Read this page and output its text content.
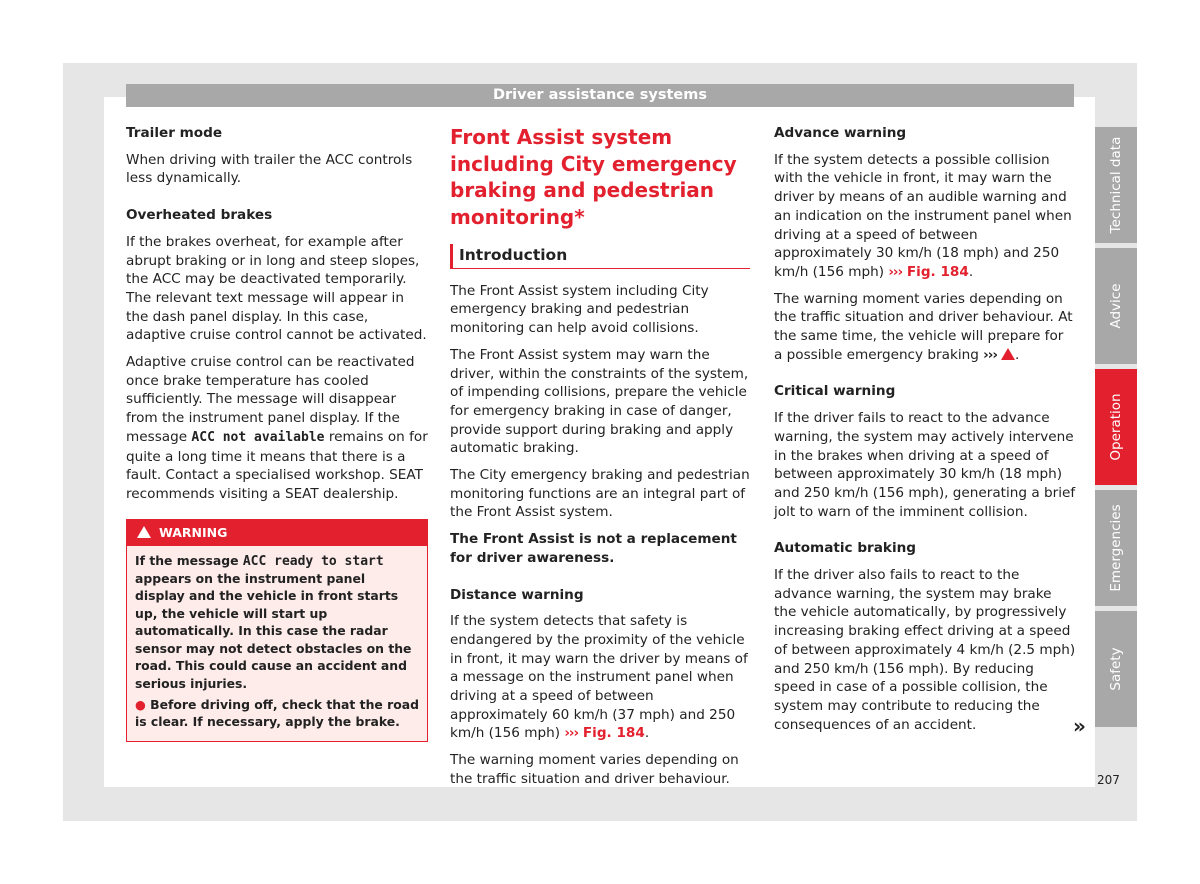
Driver assistance systems
Trailer mode

When driving with trailer the ACC controls less dynamically.

Overheated brakes

If the brakes overheat, for example after abrupt braking or in long and steep slopes, the ACC may be deactivated temporarily. The relevant text message will appear in the dash panel display. In this case, adaptive cruise control cannot be activated.

Adaptive cruise control can be reactivated once brake temperature has cooled sufficiently. The message will disappear from the instrument panel display. If the message ACC not available remains on for quite a long time it means that there is a fault. Contact a specialised workshop. SEAT recommends visiting a SEAT dealership.

WARNING

If the message ACC ready to start appears on the instrument panel display and the vehicle in front starts up, the vehicle will start up automatically. In this case the radar sensor may not detect obstacles on the road. This could cause an accident and serious injuries.

● Before driving off, check that the road is clear. If necessary, apply the brake.

Front Assist system including City emergency braking and pedestrian monitoring*
Introduction

The Front Assist system including City emergency braking and pedestrian monitoring can help avoid collisions.

The Front Assist system may warn the driver, within the constraints of the system, of impending collisions, prepare the vehicle for emergency braking in case of danger, provide support during braking and apply automatic braking.

The City emergency braking and pedestrian monitoring functions are an integral part of the Front Assist system.

The Front Assist is not a replacement for driver awareness.
Distance warning

If the system detects that safety is endangered by the proximity of the vehicle in front, it may warn the driver by means of a message on the instrument panel when driving at a speed of between approximately 60 km/h (37 mph) and 250 km/h (156 mph) ››› Fig. 184.

The warning moment varies depending on the traffic situation and driver behaviour.

Advance warning

If the system detects a possible collision with the vehicle in front, it may warn the driver by means of an audible warning and an indication on the instrument panel when driving at a speed of between approximately 30 km/h (18 mph) and 250 km/h (156 mph) ››› Fig. 184.

The warning moment varies depending on the traffic situation and driver behaviour. At the same time, the vehicle will prepare for a possible emergency braking ››› .

Critical warning

If the driver fails to react to the advance warning, the system may actively intervene in the brakes when driving at a speed of between approximately 30 km/h (18 mph) and 250 km/h (156 mph), generating a brief jolt to warn of the imminent collision.

Automatic braking

If the driver also fails to react to the advance warning, the system may brake the vehicle automatically, by progressively increasing braking effect driving at a speed of between approximately 4 km/h (2.5 mph) and 250 km/h (156 mph). By reducing speed in case of a possible collision, the system may contribute to reducing the consequences of an accident.	»
Technical data
Advice
Operation
Emergencies
Safety
207
